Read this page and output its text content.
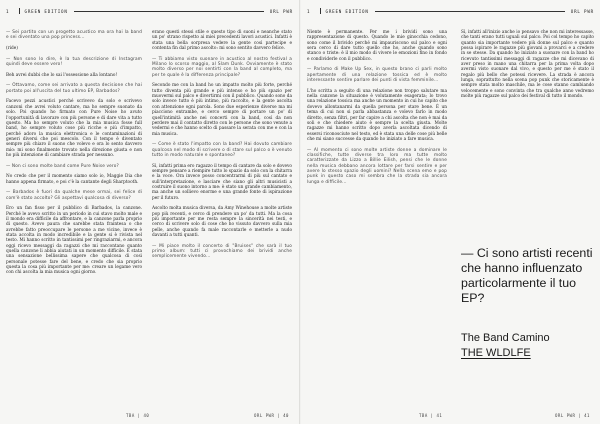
1	GREEN EDITION	ORL PWR

— Sei partito con un progetto acustico ma ora hai la band e sei diventato una pop princess...

(ride)

— Non sono lo dire, è la tua descrizione di Instagram quindi deve essere vero!

Beh avrei dubbi che lo sai l'ossessione alla lontano!

— Ottavamo, come sei arrivato a questa decisione che hai portato poi all'uscita del tuo ultimo EP, Barbados?

Facevo pezzi acustici perché scrivevo da solo e scrivevo canzoni che avrei voluto cantare, ma ho sempre suonato da solo. Poi quando ho firmato con Pure Noise ho avuto l'opportunità di lavorare con più persone e di dare vita a tutto questo. Ma ho sempre voluto che la mia musica fosse full band, ho sempre voluto cose più ricche e più d'impatto, perché adoro la musica elettronica e le contaminazioni di generi diversi che poi mescolo. Con il tempo è diventato sempre più chiaro il suono che volevo e ora lo sento davvero mio: mi sono finalmente trovato nella direzione giusta e non ho più intenzione di cambiare strada per nessuno.

— Non ci sono molte band come Pure Noise vero?

No credo che per il momento siamo solo io, Maggie Dia che hanno appena firmato, e poi c'è la cantante degli Sharptooth.

— Barbados è fuori da qualche mese ormai, sei felice di com'è stato accolto? Gli aspettavi qualcosa di diverso?

Ero un fan fisso per il pubblico di Barbados, la canzone. Perché le avevo scritto in un periodo in cui stavo molto male e il mondo era difficile da affrontare, e la canzone parla proprio di questo. Avevo paura che sarebbe stata fraintesa o che avrebbe fatto preoccupare le persone a me vicine, invece è stata accolta in modo incredibile e la gente si è rivista nel testo. Mi hanno scritto in tantissimi per ringraziarmi, e ancora oggi ricevo messaggi da ragazzi che mi raccontano quanto quella canzone li abbia aiutati in un momento difficile. È stata una sensazione bellissima sapere che qualcosa di così personale potesse fare del bene, e credo che sia proprio questa la cosa più importante per me: creare un legame vero con chi ascolta la mia musica ogni giorno.

erano questi stessi stile e questo tipo di suoni e neanche stato un po' strano rispetto ai miei precedenti lavori acustici. Infatti è stata una bella sorpresa vedere la gente così partecipe e contenta fin dal primo ascolto: mi sono sentito davvero felice.

— Ti abbiamo visto suonare in acustico al nostro festival a Milano lo scorso maggio, al Slam Dunk. Ovviamente è stato molto diverso per noi sentirti con la band al completo, ma per te quale è la differenza principale?

Secondo me con la band ho un impatto molto più forte, perché tutto diventa più grande e più intenso e ho più spazio per muovermi sul palco e divertirmi con il pubblico. Quando sono da solo invece tutto è più intimo, più raccolto, e la gente ascolta con attenzione ogni parola. Sono due esperienze diverse ma mi piacciono entrambe, e cerco sempre di portare un po' di quell'intimità anche nei concerti con la band, così da non perdere mai il contatto diretto con le persone che sono venute a vedermi e che hanno scelto di passare la serata con me e con la mia musica.

— Come è stato l'impatto con la band? Hai dovuto cambiare qualcosa nel modo di scrivere o di stare sul palco o è venuto tutto in modo naturale e spontaneo?

Sì, infatti prima ero ragazzo il tempo di cantare da solo e dovevo sempre pensare a riempire tutto lo spazio da solo con la chitarra e la voce. Ora invece posso concentrarmi di più sul cantato e sull'interpretazione, e lasciare che siano gli altri musicisti a costruire il suono intorno a me: è stato un grande cambiamento, ma anche un sollievo enorme e una grande fonte di ispirazione per il futuro.

Ascolto molta musica diversa, da Amy Winehouse a molte artiste pop più recenti, e cerco di prendere un po' da tutti. Ma la cosa più importante per me resta sempre la sincerità nei testi, e cerco di scrivere solo di cose che ho vissuto davvero sulla mia pelle, anche quando fa male raccontarle e metterle a nudo davanti a tutti quanti.

— Mi piace molto il concerto di "Bruises" che sarà il tuo primo album: tutti ci provochiamo dei brividi anche semplicemente vivendo...

TBA | 40	ORL PWR | 40
1	GREEN EDITION	ORL PWR

Niente è permanente. Per me i brividi sono una rappresentazione di questo. Quando le mie ginocchia cedono, sono come il brivido perché mi impauriscono sul palco e ogni sera cerco di dare tutto quello che ho, anche quando sono stanco o triste: è il mio modo di vivere le emozioni fino in fondo e condividerle con il pubblico.

— Parlamo di Make Up Sex, in questo brano ci parli molto apertamente di una relazione tossica ed è molto interessante sentire parlare dei punti di vista femminile...

L'ho scritta a seguito di una relazione non troppo salutare ma nella canzone la situazione è volutamente esagerata; lo trovo una relazione tossica ma anche un momento in cui ho capito che dovevo allontanarmi da quella persona per stare bene. È un tema di cui non si parla abbastanza e volevo farlo in modo diretto, senza filtri, per far capire a chi ascolta che non è mai da soli e che chiedere aiuto è sempre la scelta giusta. Molte ragazze mi hanno scritto dopo averla ascoltata dicendo di essersi riconosciute nel testo, ed è stata una delle cose più belle che mi siano successe da quando ho iniziato a fare musica.

— Al momento ci sono molte artiste donne a dominare le classifiche, tutte diverse tra loro ma tutte molto caratterizzate da Lizzo a Billie Eilish, pensi che le donne nella musica debbano ancora lottare per farsi sentire e per avere lo stesso spazio degli uomini? Nella scena emo e pop punk in questo caso mi sembra che la strada sia ancora lunga e difficile...

Sì, infatti all'inizio anche io pensavo che non mi interessasse, che tanti erano tutti uguali sul palco. Poi col tempo ho capito quanto sia importante vedere più donne sul palco e quanto possa ispirare le ragazze più giovani a provarci e a credere in se stesse. Da quando ho iniziato a suonare con la band ho ricevuto tantissimi messaggi di ragazze che mi dicevano di aver preso in mano una chitarra per la prima volta dopo avermi visto suonare dal vivo, e questo per me è stato il regalo più bello che potessi ricevere. La strada è ancora lunga, soprattutto nella scena pop punk che storicamente è sempre stata molto maschile, ma le cose stanno cambiando velocemente e sono convinta che tra qualche anno vedremo molte più ragazze sul palco dei festival di tutto il mondo.

— Ci sono artisti recenti che hanno influenzato particolarmente il tuo EP?
The Band Camino
THE WLDLFE
TBA | 41	ORL PWR | 41
